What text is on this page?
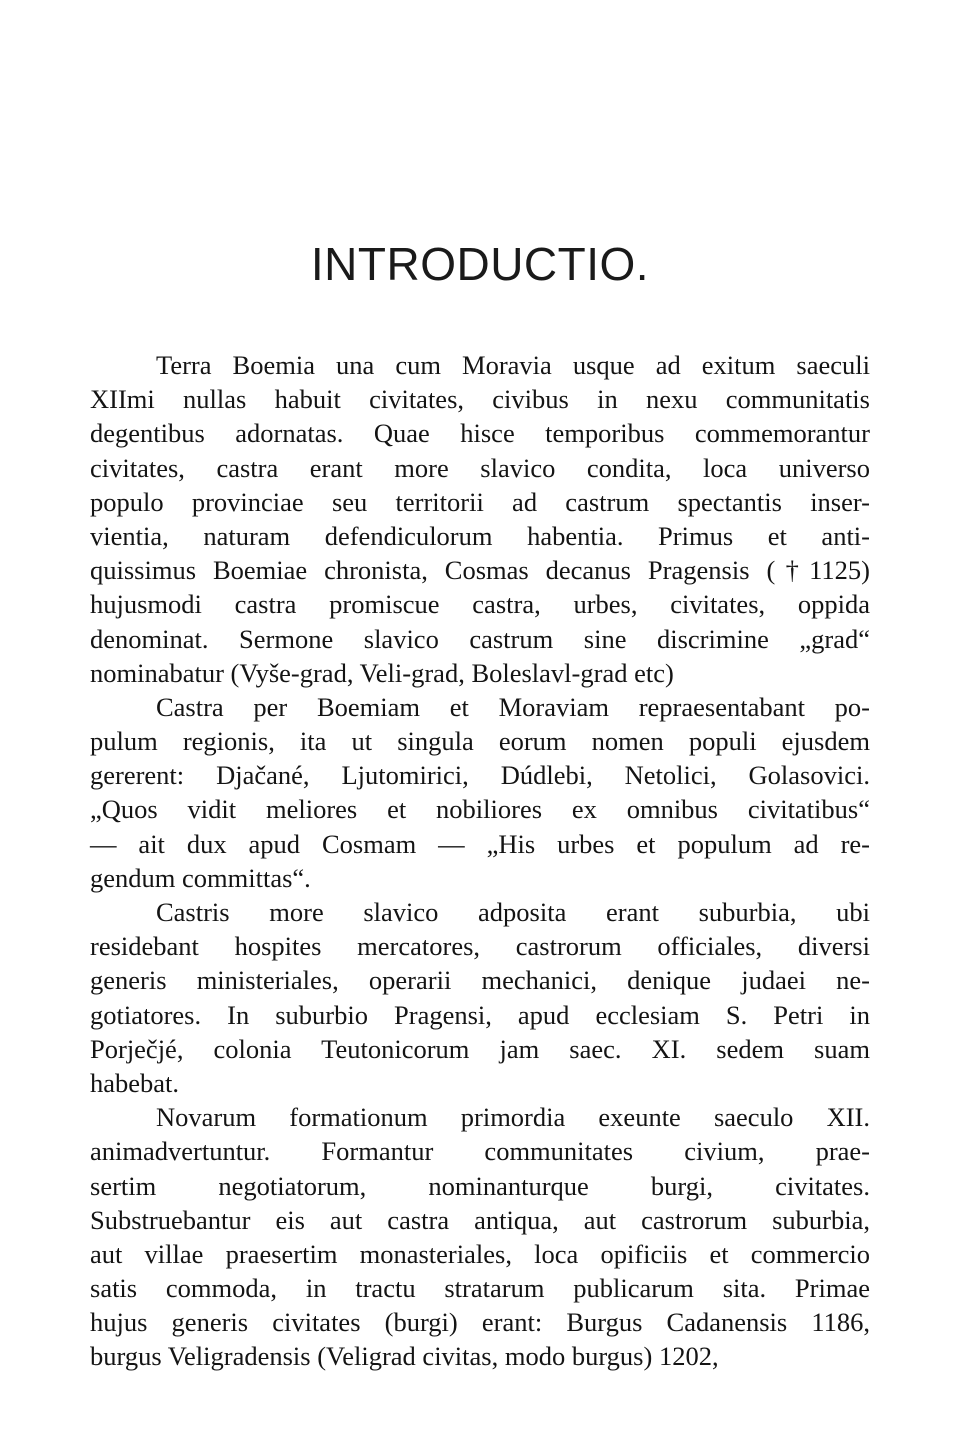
INTRODUCTIO.
Terra Boemia una cum Moravia usque ad exitum saeculi
XIImi nullas habuit civitates, civibus in nexu communitatis
degentibus adornatas. Quae hisce temporibus commemorantur
civitates, castra erant more slavico condita, loca universo
populo provinciae seu territorii ad castrum spectantis inser-
vientia, naturam defendiculorum habentia. Primus et anti-
quissimus Boemiae chronista, Cosmas decanus Pragensis (†1125)
hujusmodi castra promiscue castra, urbes, civitates, oppida
denominat. Sermone slavico castrum sine discrimine „grad“
nominabatur (Vyše-grad, Veli-grad, Boleslavl-grad etc)
Castra per Boemiam et Moraviam repraesentabant po-
pulum regionis, ita ut singula eorum nomen populi ejusdem
gererent: Djačané, Ljutomirici, Dúdlebi, Netolici, Golasovici.
„Quos vidit meliores et nobiliores ex omnibus civitatibus“
— ait dux apud Cosmam — „His urbes et populum ad re-
gendum committas“.
Castris more slavico adposita erant suburbia, ubi
residebant hospites mercatores, castrorum officiales, diversi
generis ministeriales, operarii mechanici, denique judaei ne-
gotiatores. In suburbio Pragensi, apud ecclesiam S. Petri in
Porječjé, colonia Teutonicorum jam saec. XI. sedem suam
habebat.
Novarum formationum primordia exeunte saeculo XII.
animadvertuntur. Formantur communitates civium, prae-
sertim negotiatorum, nominanturque burgi, civitates.
Substruebantur eis aut castra antiqua, aut castrorum suburbia,
aut villae praesertim monasteriales, loca opificiis et commercio
satis commoda, in tractu stratarum publicarum sita. Primae
hujus generis civitates (burgi) erant: Burgus Cadanensis 1186,
burgus Veligradensis (Veligrad civitas, modo burgus) 1202,
